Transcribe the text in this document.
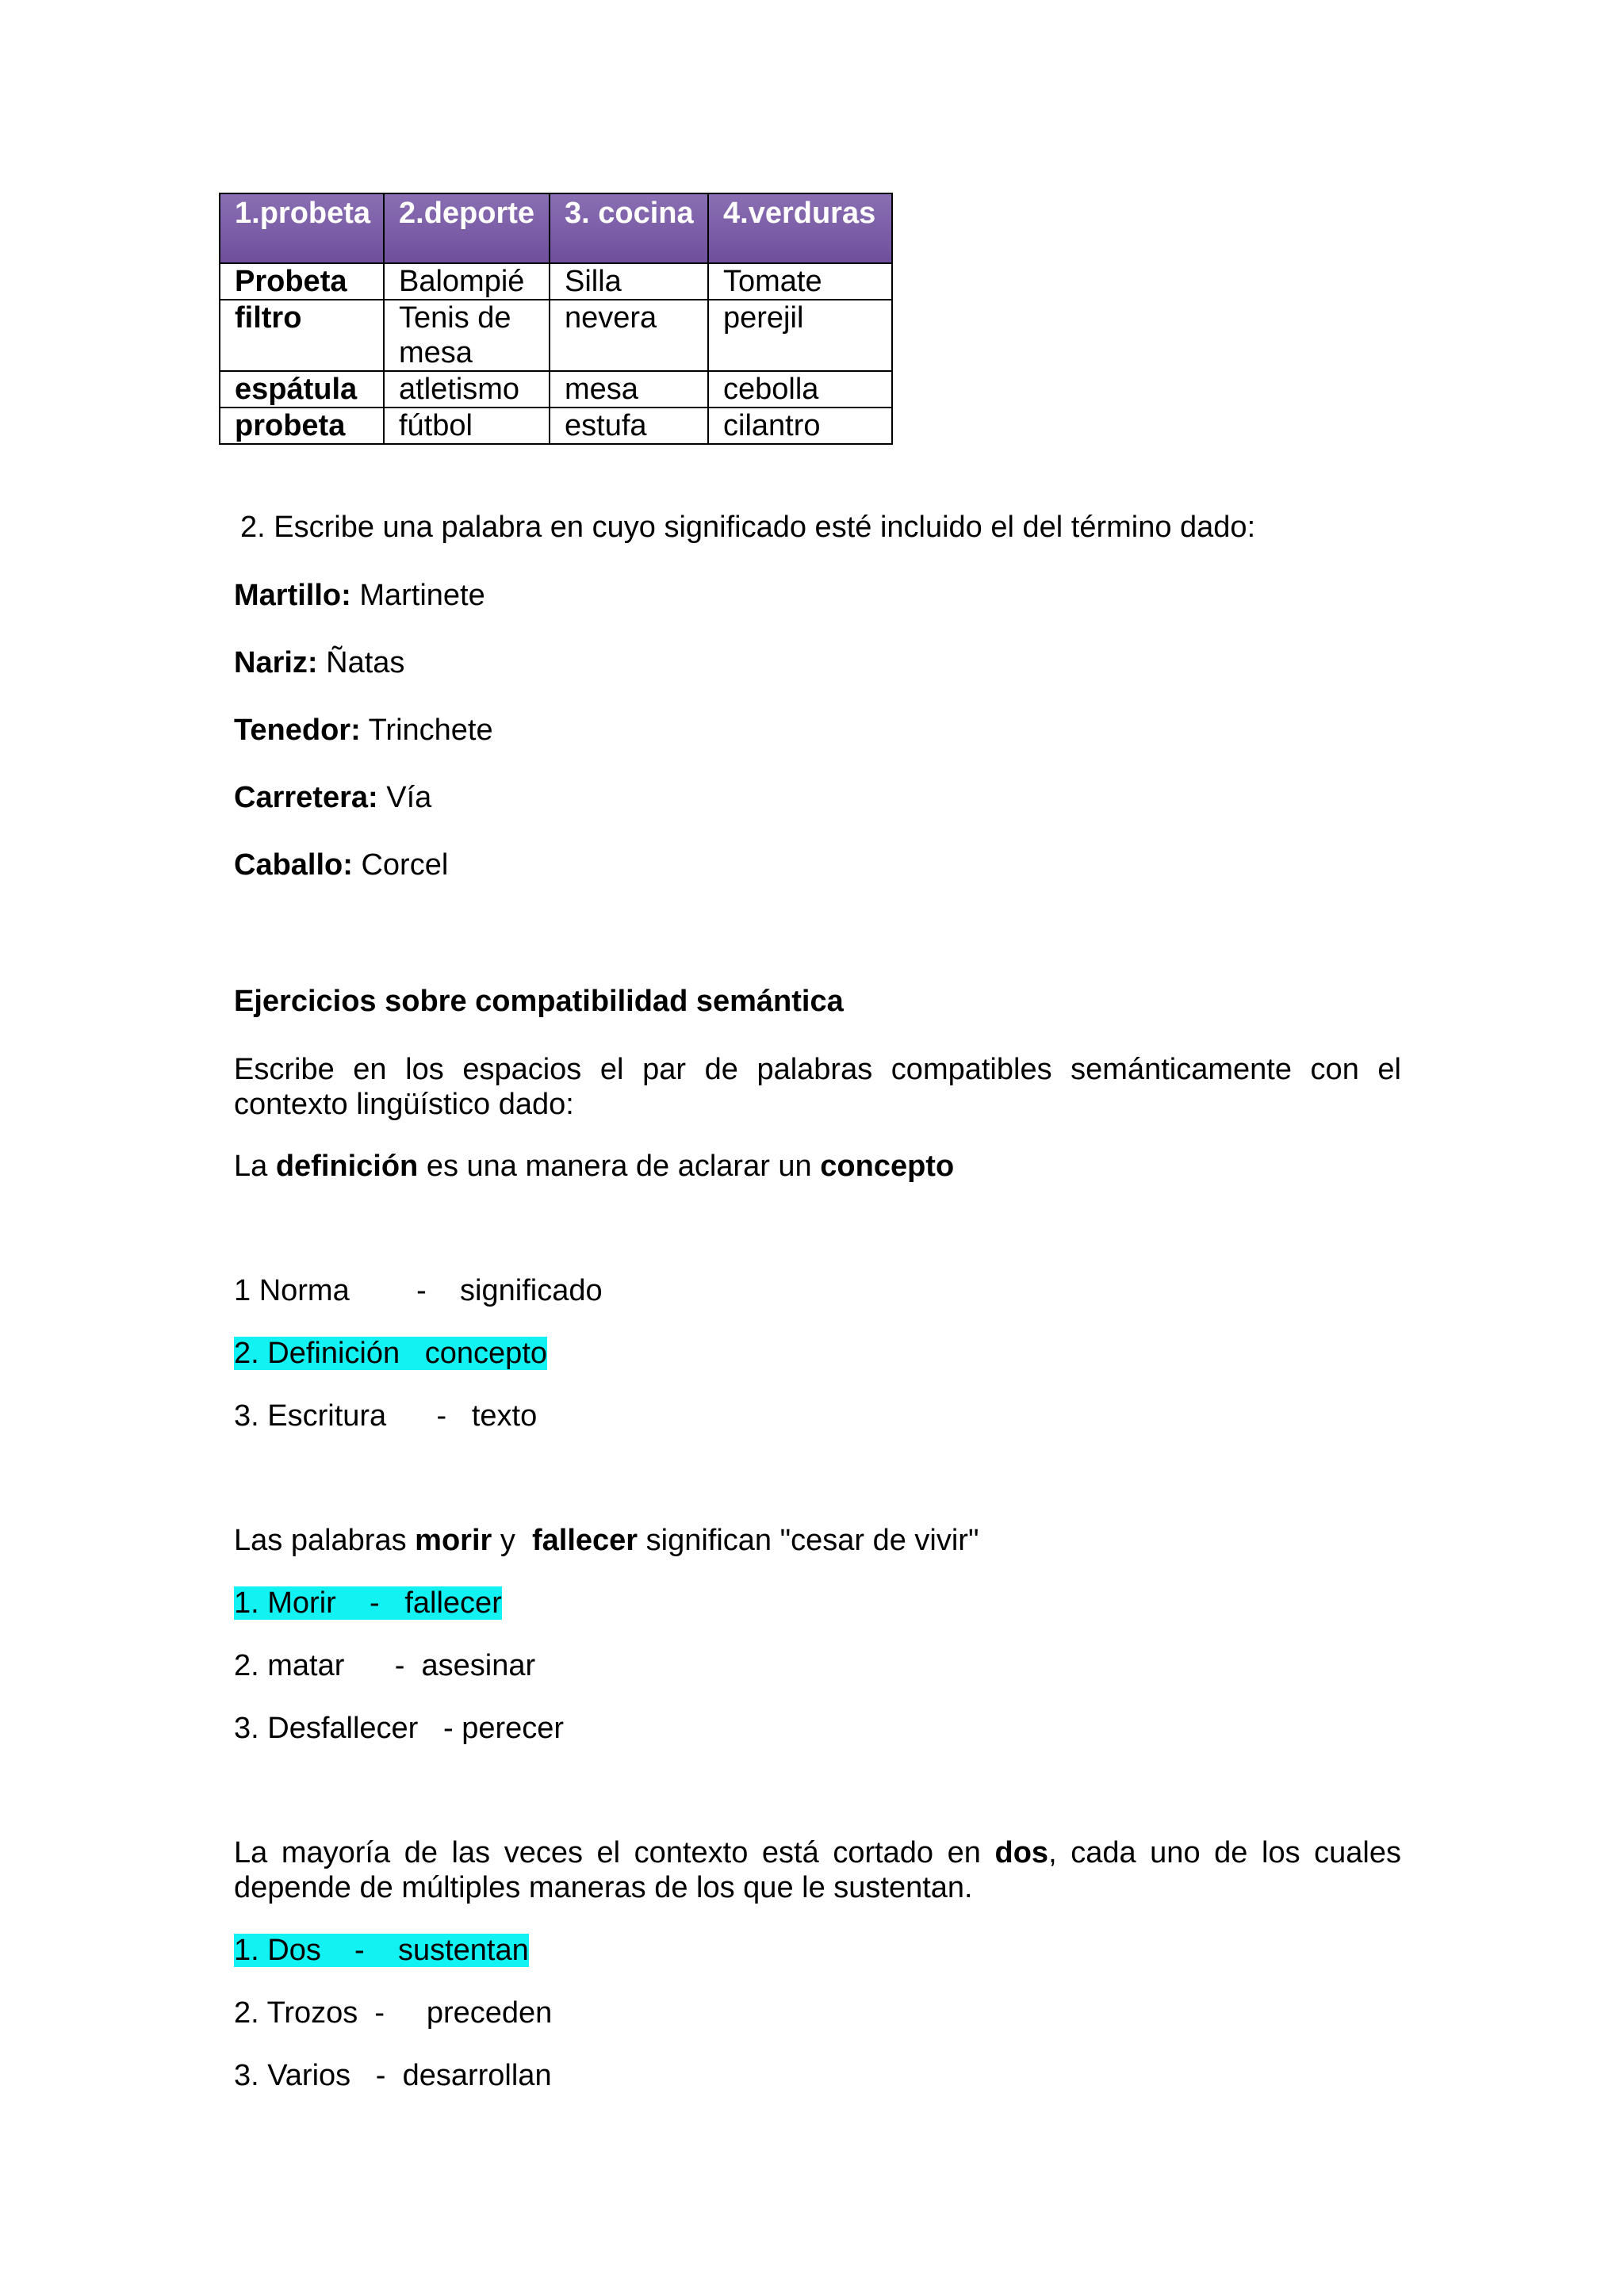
1.probeta	2.deporte	3. cocina	4.verduras
Probeta	Balompié	Silla	Tomate
filtro	Tenis de mesa	nevera	perejil
espátula	atletismo	mesa	cebolla
probeta	fútbol	estufa	cilantro
2. Escribe una palabra en cuyo significado esté incluido el del término dado:
Martillo: Martinete
Nariz: Ñatas
Tenedor: Trinchete
Carretera: Vía
Caballo: Corcel
Ejercicios sobre compatibilidad semántica
Escribe en los espacios el par de palabras compatibles semánticamente con el contexto lingüístico dado:
La definición es una manera de aclarar un concepto
1 Norma        -    significado
2. Definición   concepto
3. Escritura      -   texto
Las palabras morir y  fallecer significan "cesar de vivir"
1. Morir    -   fallecer
2. matar      -  asesinar
3. Desfallecer   - perecer
La mayoría de las veces el contexto está cortado en dos, cada uno de los cuales depende de múltiples maneras de los que le sustentan.
1. Dos    -    sustentan
2. Trozos  -     preceden
3. Varios   -  desarrollan
